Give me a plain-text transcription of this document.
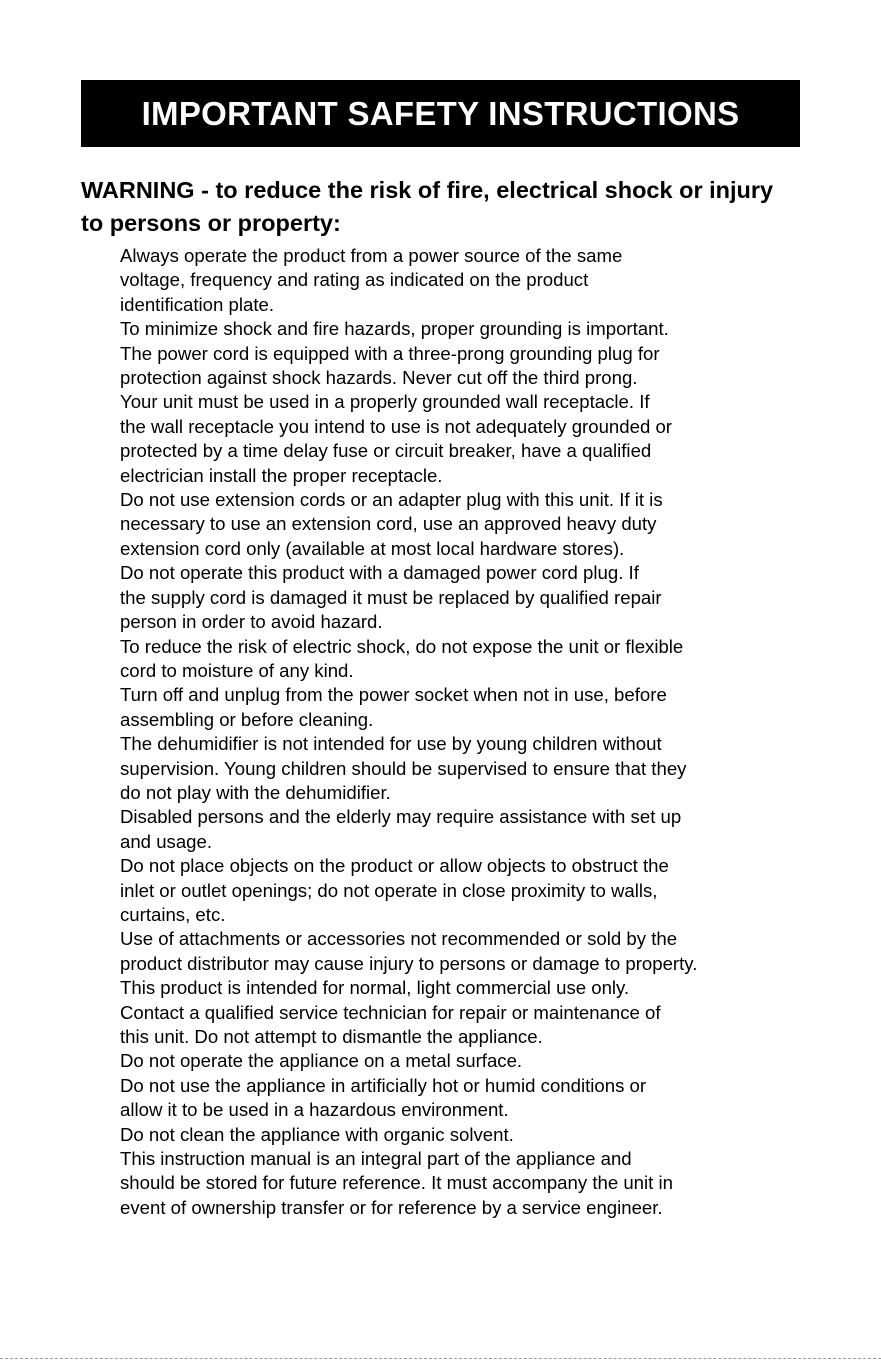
IMPORTANT SAFETY INSTRUCTIONS
WARNING - to reduce the risk of fire, electrical shock or injury to persons or property:
Always operate the product from a power source of the same
voltage, frequency and rating as indicated on the product
identification plate.
To minimize shock and fire hazards, proper grounding is important.
The power cord is equipped with a three-prong grounding plug for
protection against shock hazards. Never cut off the third prong.
Your unit must be used in a properly grounded wall receptacle. If
the wall receptacle you intend to use is not adequately grounded or
protected by a time delay fuse or circuit breaker, have a qualified
electrician install the proper receptacle.
Do not use extension cords or an adapter plug with this unit. If it is
necessary to use an extension cord, use an approved heavy duty
extension cord only (available at most local hardware stores).
Do not operate this product with a damaged power cord plug. If
the supply cord is damaged it must be replaced by qualified repair
person in order to avoid hazard.
To reduce the risk of electric shock, do not expose the unit or flexible
cord to moisture of any kind.
Turn off and unplug from the power socket when not in use, before
assembling or before cleaning.
The dehumidifier is not intended for use by young children without
supervision. Young children should be supervised to ensure that they
do not play with the dehumidifier.
Disabled persons and the elderly may require assistance with set up
and usage.
Do not place objects on the product or allow objects to obstruct the
inlet or outlet openings; do not operate in close proximity to walls,
curtains, etc.
Use of attachments or accessories not recommended or sold by the
product distributor may cause injury to persons or damage to property.
This product is intended for normal, light commercial use only.
Contact a qualified service technician for repair or maintenance of
this unit. Do not attempt to dismantle the appliance.
Do not operate the appliance on a metal surface.
Do not use the appliance in artificially hot or humid conditions or
allow it to be used in a hazardous environment.
Do not clean the appliance with organic solvent.
This instruction manual is an integral part of the appliance and
should be stored for future reference. It must accompany the unit in
event of ownership transfer or for reference by a service engineer.
